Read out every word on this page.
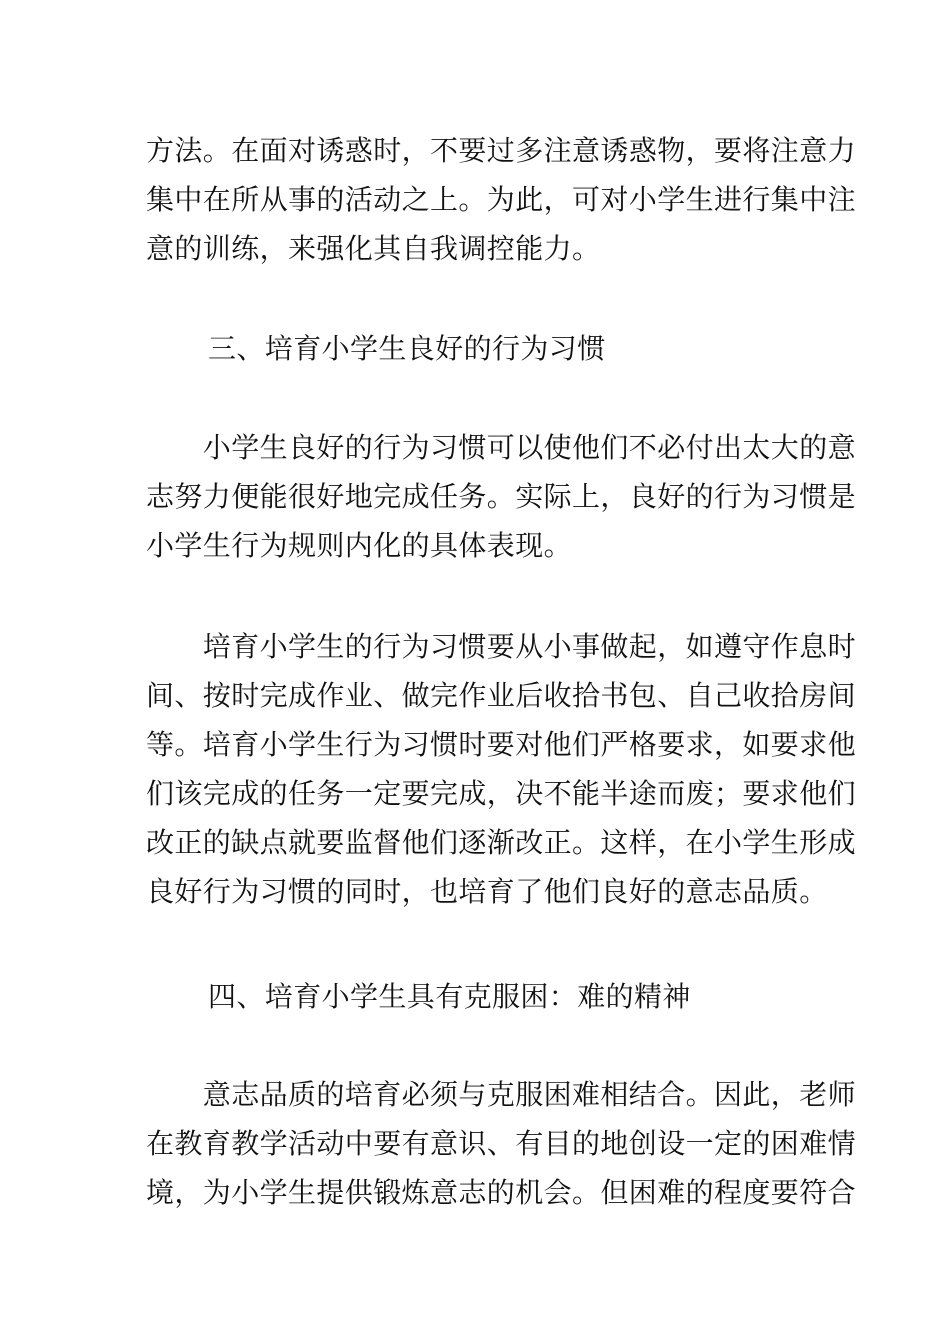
方法。在面对诱惑时，不要过多注意诱惑物，要将注意力
集中在所从事的活动之上。为此，可对小学生进行集中注
意的训练，来强化其自我调控能力。

三、培育小学生良好的行为习惯

　　小学生良好的行为习惯可以使他们不必付出太大的意
志努力便能很好地完成任务。实际上，良好的行为习惯是
小学生行为规则内化的具体表现。

　　培育小学生的行为习惯要从小事做起，如遵守作息时
间、按时完成作业、做完作业后收拾书包、自己收拾房间
等。培育小学生行为习惯时要对他们严格要求，如要求他
们该完成的任务一定要完成，决不能半途而废；要求他们
改正的缺点就要监督他们逐渐改正。这样，在小学生形成
良好行为习惯的同时，也培育了他们良好的意志品质。

四、培育小学生具有克服困：难的精神

　　意志品质的培育必须与克服困难相结合。因此，老师
在教育教学活动中要有意识、有目的地创设一定的困难情
境，为小学生提供锻炼意志的机会。但困难的程度要符合
